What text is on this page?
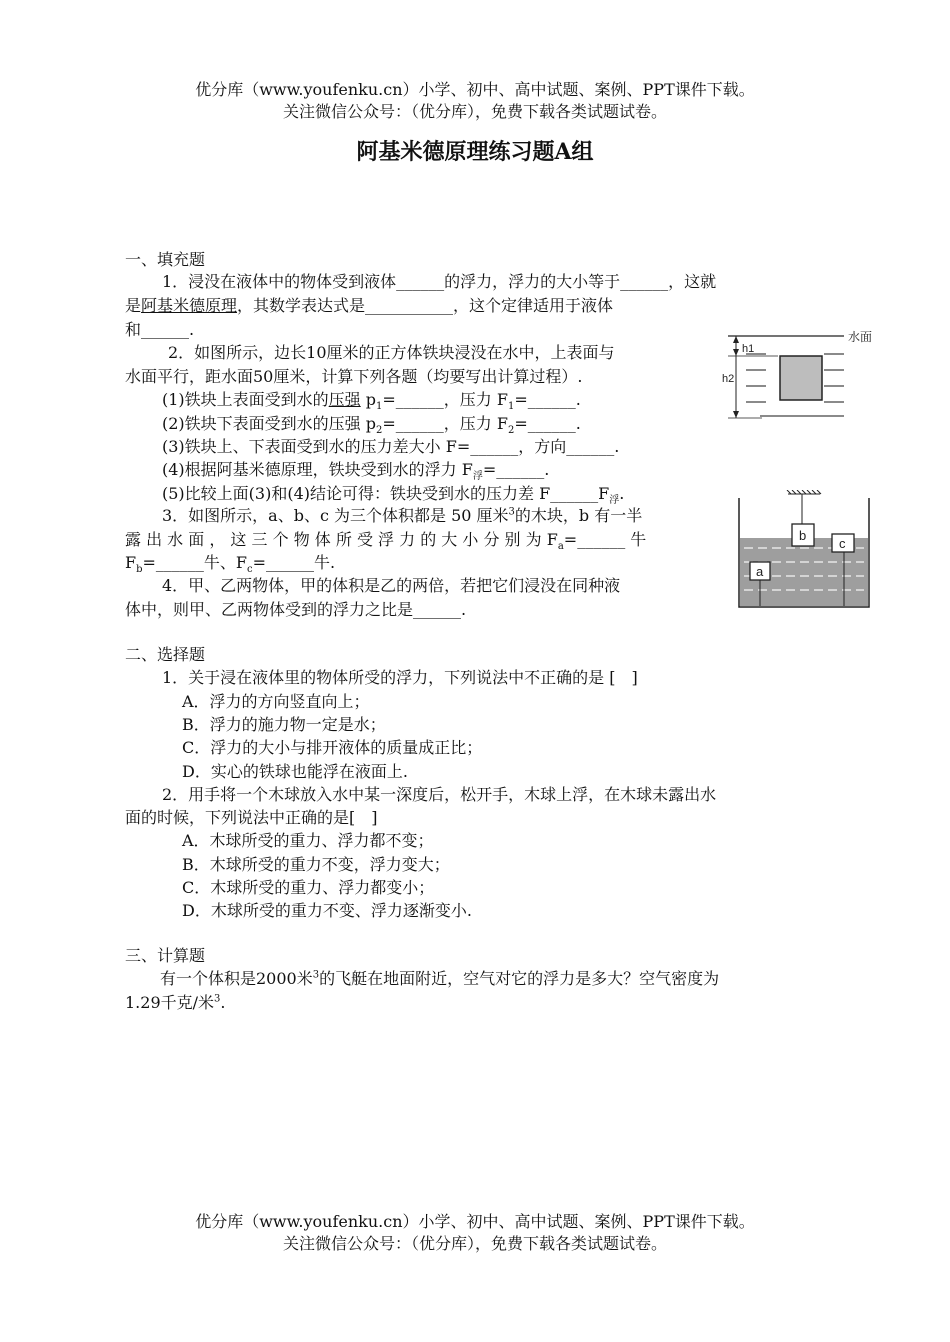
优分库（www.youfenku.cn）小学、初中、高中试题、案例、PPT课件下载。
关注微信公众号：（优分库），免费下载各类试题试卷。
阿基米德原理练习题A组
一、填充题
1．浸没在液体中的物体受到液体______的浮力，浮力的大小等于______，这就
是阿基米德原理，其数学表达式是___________，这个定律适用于液体
和______.
2．如图所示，边长10厘米的正方体铁块浸没在水中，上表面与
水面平行，距水面50厘米，计算下列各题（均要写出计算过程）.
(1)铁块上表面受到水的压强 $p_1=\_\_\_\_\_\_$，压力 $F_1=\_\_\_\_\_\_$.
(2)铁块下表面受到水的压强 $p_2=\_\_\_\_\_\_$，压力 $F_2=\_\_\_\_\_\_$.
(3)铁块上、下表面受到水的压力差大小 F=______，方向______.
(4)根据阿基米德原理，铁块受到水的浮力 $F_浮=\_\_\_\_\_\_$.
(5)比较上面(3)和(4)结论可得：铁块受到水的压力差 $F\_\_\_\_\_\_F_浮$.
3．如图所示，a、b、c 为三个体积都是 50 厘米$^3$的木块，b 有一半
露 出 水 面 ， 这 三 个 物 体 所 受 浮 力 的 大 小 分 别 为 $F_a=\_\_\_\_\_\_$ 牛
$F_b=\_\_\_\_\_\_$牛、$F_c=\_\_\_\_\_\_$牛.
4．甲、乙两物体，甲的体积是乙的两倍，若把它们浸没在同种液
体中，则甲、乙两物体受到的浮力之比是______.
水面
h1
h2
b
c
a
二、选择题
1．关于浸在液体里的物体所受的浮力，下列说法中不正确的是 [　]
A．浮力的方向竖直向上；
B．浮力的施力物一定是水；
C．浮力的大小与排开液体的质量成正比；
D．实心的铁球也能浮在液面上.
2．用手将一个木球放入水中某一深度后，松开手，木球上浮，在木球未露出水
面的时候，下列说法中正确的是[　]
A．木球所受的重力、浮力都不变；
B．木球所受的重力不变，浮力变大；
C．木球所受的重力、浮力都变小；
D．木球所受的重力不变、浮力逐渐变小.
三、计算题
有一个体积是2000米$^3$的飞艇在地面附近，空气对它的浮力是多大？空气密度为
1.29千克/米$^3$.
优分库（www.youfenku.cn）小学、初中、高中试题、案例、PPT课件下载。
关注微信公众号：（优分库），免费下载各类试题试卷。
